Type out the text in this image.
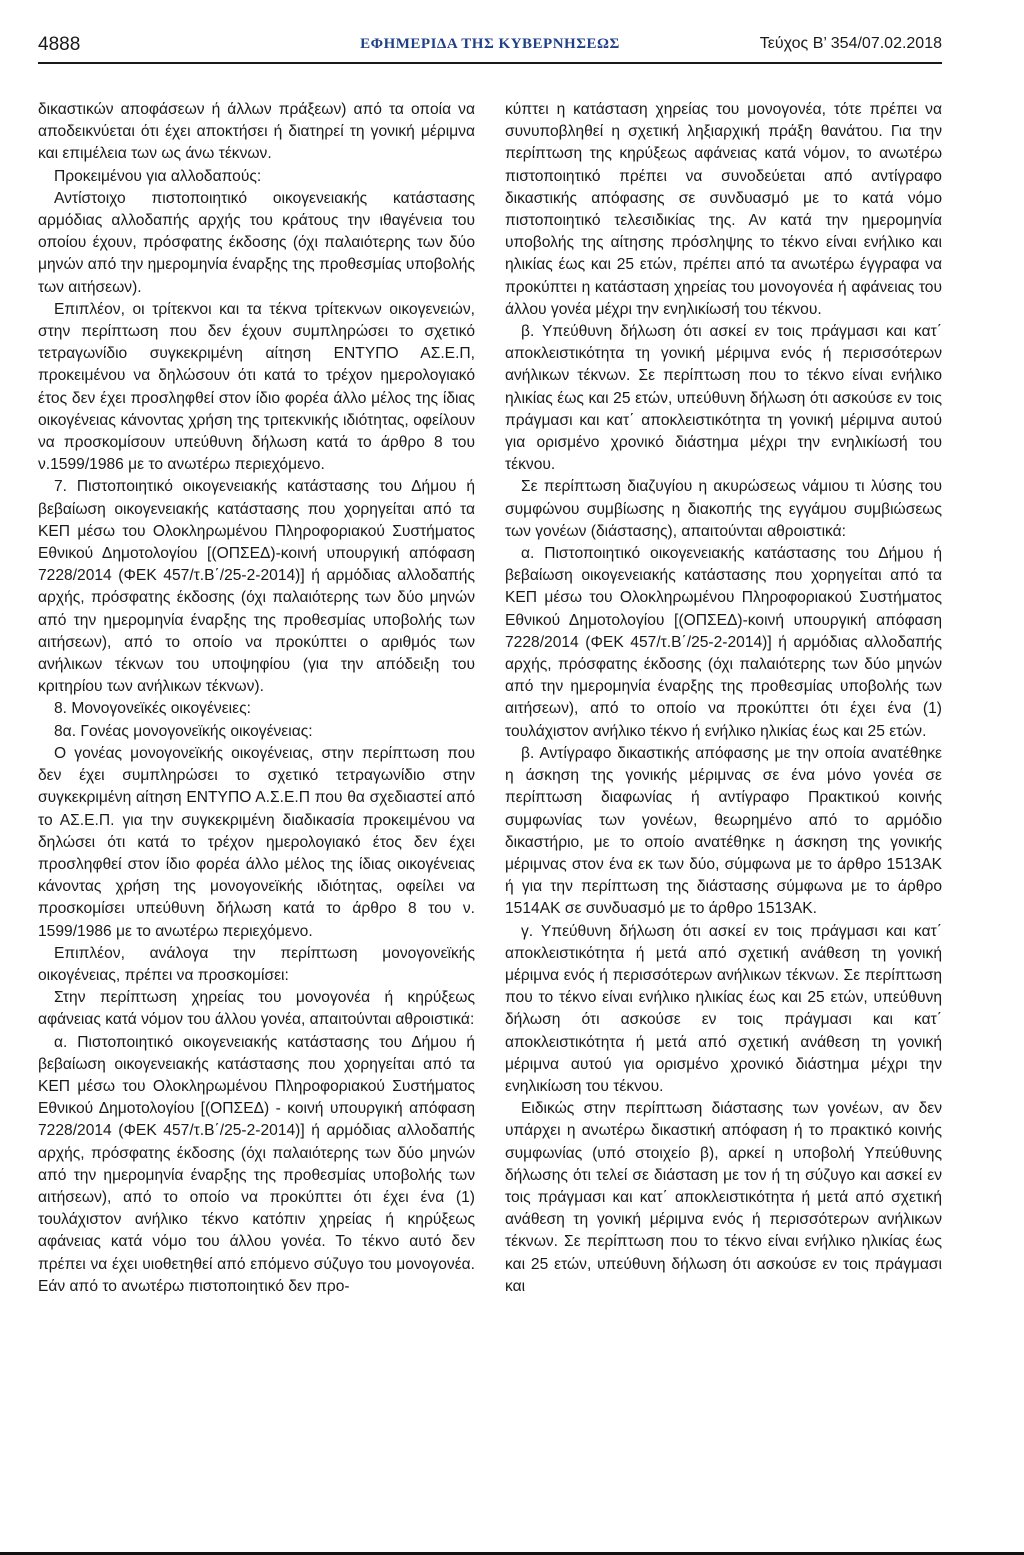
4888	ΕΦΗΜΕΡΙΔΑ ΤΗΣ ΚΥΒΕΡΝΗΣΕΩΣ	Τεύχος Β’ 354/07.02.2018

δικαστικών αποφάσεων ή άλλων πράξεων) από τα οποία να αποδεικνύεται ότι έχει αποκτήσει ή διατηρεί τη γονική μέριμνα και επιμέλεια των ως άνω τέκνων.

Προκειμένου για αλλοδαπούς:

Αντίστοιχο πιστοποιητικό οικογενειακής κατάστασης αρμόδιας αλλοδαπής αρχής του κράτους την ιθαγένεια του οποίου έχουν, πρόσφατης έκδοσης (όχι παλαιότερης των δύο μηνών από την ημερομηνία έναρξης της προθεσμίας υποβολής των αιτήσεων).

Επιπλέον, οι τρίτεκνοι και τα τέκνα τρίτεκνων οικογενειών, στην περίπτωση που δεν έχουν συμπληρώσει το σχετικό τετραγωνίδιο συγκεκριμένη αίτηση ΕΝΤΥΠΟ ΑΣ.Ε.Π, προκειμένου να δηλώσουν ότι κατά το τρέχον ημερολογιακό έτος δεν έχει προσληφθεί στον ίδιο φορέα άλλο μέλος της ίδιας οικογένειας κάνοντας χρήση της τριτεκνικής ιδιότητας, οφείλουν να προσκομίσουν υπεύθυνη δήλωση κατά το άρθρο 8 του ν.1599/1986 με το ανωτέρω περιεχόμενο.

7. Πιστοποιητικό οικογενειακής κατάστασης του Δήμου ή βεβαίωση οικογενειακής κατάστασης που χορηγείται από τα ΚΕΠ μέσω του Ολοκληρωμένου Πληροφοριακού Συστήματος Εθνικού Δημοτολογίου [(ΟΠΣΕΔ)-κοινή υπουργική απόφαση 7228/2014 (ΦΕΚ 457/τ.Β΄/25-2-2014)] ή αρμόδιας αλλοδαπής αρχής, πρόσφατης έκδοσης (όχι παλαιότερης των δύο μηνών από την ημερομηνία έναρξης της προθεσμίας υποβολής των αιτήσεων), από το οποίο να προκύπτει ο αριθμός των ανήλικων τέκνων του υποψηφίου (για την απόδειξη του κριτηρίου των ανήλικων τέκνων).

8. Μονογονεϊκές οικογένειες:

8α. Γονέας μονογονεϊκής οικογένειας:

Ο γονέας μονογονεϊκής οικογένειας, στην περίπτωση που δεν έχει συμπληρώσει το σχετικό τετραγωνίδιο στην συγκεκριμένη αίτηση ΕΝΤΥΠΟ Α.Σ.Ε.Π που θα σχεδιαστεί από το ΑΣ.Ε.Π. για την συγκεκριμένη διαδικασία προκειμένου να δηλώσει ότι κατά το τρέχον ημερολογιακό έτος δεν έχει προσληφθεί στον ίδιο φορέα άλλο μέλος της ίδιας οικογένειας κάνοντας χρήση της μονογονεϊκής ιδιότητας, οφείλει να προσκομίσει υπεύθυνη δήλωση κατά το άρθρο 8 του ν. 1599/1986 με το ανωτέρω περιεχόμενο.

Επιπλέον, ανάλογα την περίπτωση μονογονεϊκής οικογένειας, πρέπει να προσκομίσει:

Στην περίπτωση χηρείας του μονογονέα ή κηρύξεως αφάνειας κατά νόμον του άλλου γονέα, απαιτούνται αθροιστικά:

α. Πιστοποιητικό οικογενειακής κατάστασης του Δήμου ή βεβαίωση οικογενειακής κατάστασης που χορηγείται από τα ΚΕΠ μέσω του Ολοκληρωμένου Πληροφοριακού Συστήματος Εθνικού Δημοτολογίου [(ΟΠΣΕΔ) - κοινή υπουργική απόφαση 7228/2014 (ΦΕΚ 457/τ.Β΄/25-2-2014)] ή αρμόδιας αλλοδαπής αρχής, πρόσφατης έκδοσης (όχι παλαιότερης των δύο μηνών από την ημερομηνία έναρξης της προθεσμίας υποβολής των αιτήσεων), από το οποίο να προκύπτει ότι έχει ένα (1) τουλάχιστον ανήλικο τέκνο κατόπιν χηρείας ή κηρύξεως αφάνειας κατά νόμο του άλλου γονέα. Το τέκνο αυτό δεν πρέπει να έχει υιοθετηθεί από επόμενο σύζυγο του μονογονέα. Εάν από το ανωτέρω πιστοποιητικό δεν προ-

κύπτει η κατάσταση χηρείας του μονογονέα, τότε πρέπει να συνυποβληθεί η σχετική ληξιαρχική πράξη θανάτου. Για την περίπτωση της κηρύξεως αφάνειας κατά νόμον, το ανωτέρω πιστοποιητικό πρέπει να συνοδεύεται από αντίγραφο δικαστικής απόφασης σε συνδυασμό με το κατά νόμο πιστοποιητικό τελεσιδικίας της. Αν κατά την ημερομηνία υποβολής της αίτησης πρόσληψης το τέκνο είναι ενήλικο και ηλικίας έως και 25 ετών, πρέπει από τα ανωτέρω έγγραφα να προκύπτει η κατάσταση χηρείας του μονογονέα ή αφάνειας του άλλου γονέα μέχρι την ενηλικίωσή του τέκνου.

β. Υπεύθυνη δήλωση ότι ασκεί εν τοις πράγμασι και κατ΄ αποκλειστικότητα τη γονική μέριμνα ενός ή περισσότερων ανήλικων τέκνων. Σε περίπτωση που το τέκνο είναι ενήλικο ηλικίας έως και 25 ετών, υπεύθυνη δήλωση ότι ασκούσε εν τοις πράγμασι και κατ΄ αποκλειστικότητα τη γονική μέριμνα αυτού για ορισμένο χρονικό διάστημα μέχρι την ενηλικίωσή του τέκνου.

Σε περίπτωση διαζυγίου η ακυρώσεως νάμιου τι λύσης του συμφώνου συμβίωσης η διακοπής της εγγάμου συμβιώσεως των γονέων (διάστασης), απαιτούνται αθροιστικά:

α. Πιστοποιητικό οικογενειακής κατάστασης του Δήμου ή βεβαίωση οικογενειακής κατάστασης που χορηγείται από τα ΚΕΠ μέσω του Ολοκληρωμένου Πληροφοριακού Συστήματος Εθνικού Δημοτολογίου [(ΟΠΣΕΔ)-κοινή υπουργική απόφαση 7228/2014 (ΦΕΚ 457/τ.Β΄/25-2-2014)] ή αρμόδιας αλλοδαπής αρχής, πρόσφατης έκδοσης (όχι παλαιότερης των δύο μηνών από την ημερομηνία έναρξης της προθεσμίας υποβολής των αιτήσεων), από το οποίο να προκύπτει ότι έχει ένα (1) τουλάχιστον ανήλικο τέκνο ή ενήλικο ηλικίας έως και 25 ετών.

β. Αντίγραφο δικαστικής απόφασης με την οποία ανατέθηκε η άσκηση της γονικής μέριμνας σε ένα μόνο γονέα σε περίπτωση διαφωνίας ή αντίγραφο Πρακτικού κοινής συμφωνίας των γονέων, θεωρημένο από το αρμόδιο δικαστήριο, με το οποίο ανατέθηκε η άσκηση της γονικής μέριμνας στον ένα εκ των δύο, σύμφωνα με το άρθρο 1513ΑΚ ή για την περίπτωση της διάστασης σύμφωνα με το άρθρο 1514ΑΚ σε συνδυασμό με το άρθρο 1513ΑΚ.

γ. Υπεύθυνη δήλωση ότι ασκεί εν τοις πράγμασι και κατ΄ αποκλειστικότητα ή μετά από σχετική ανάθεση τη γονική μέριμνα ενός ή περισσότερων ανήλικων τέκνων. Σε περίπτωση που το τέκνο είναι ενήλικο ηλικίας έως και 25 ετών, υπεύθυνη δήλωση ότι ασκούσε εν τοις πράγμασι και κατ΄ αποκλειστικότητα ή μετά από σχετική ανάθεση τη γονική μέριμνα αυτού για ορισμένο χρονικό διάστημα μέχρι την ενηλικίωση του τέκνου.

Ειδικώς στην περίπτωση διάστασης των γονέων, αν δεν υπάρχει η ανωτέρω δικαστική απόφαση ή το πρακτικό κοινής συμφωνίας (υπό στοιχείο β), αρκεί η υποβολή Υπεύθυνης δήλωσης ότι τελεί σε διάσταση με τον ή τη σύζυγο και ασκεί εν τοις πράγμασι και κατ΄ αποκλειστικότητα ή μετά από σχετική ανάθεση τη γονική μέριμνα ενός ή περισσότερων ανήλικων τέκνων. Σε περίπτωση που το τέκνο είναι ενήλικο ηλικίας έως και 25 ετών, υπεύθυνη δήλωση ότι ασκούσε εν τοις πράγμασι και
